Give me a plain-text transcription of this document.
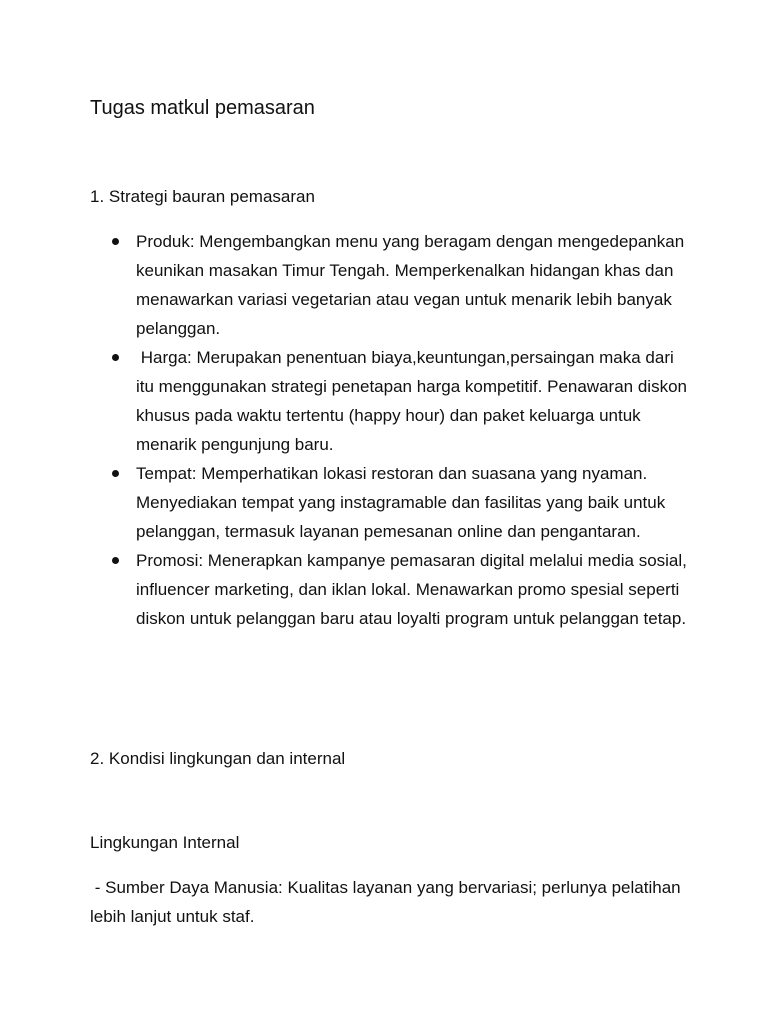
Tugas matkul pemasaran
1. Strategi bauran pemasaran
Produk: Mengembangkan menu yang beragam dengan mengedepankan keunikan masakan Timur Tengah. Memperkenalkan hidangan khas dan menawarkan variasi vegetarian atau vegan untuk menarik lebih banyak pelanggan.
Harga: Merupakan penentuan biaya,keuntungan,persaingan maka dari itu menggunakan strategi penetapan harga kompetitif. Penawaran diskon khusus pada waktu tertentu (happy hour) dan paket keluarga untuk menarik pengunjung baru.
Tempat: Memperhatikan lokasi restoran dan suasana yang nyaman. Menyediakan tempat yang instagramable dan fasilitas yang baik untuk pelanggan, termasuk layanan pemesanan online dan pengantaran.
Promosi: Menerapkan kampanye pemasaran digital melalui media sosial, influencer marketing, dan iklan lokal. Menawarkan promo spesial seperti diskon untuk pelanggan baru atau loyalti program untuk pelanggan tetap.
2. Kondisi lingkungan dan internal
Lingkungan Internal

- Sumber Daya Manusia: Kualitas layanan yang bervariasi; perlunya pelatihan lebih lanjut untuk staf.
